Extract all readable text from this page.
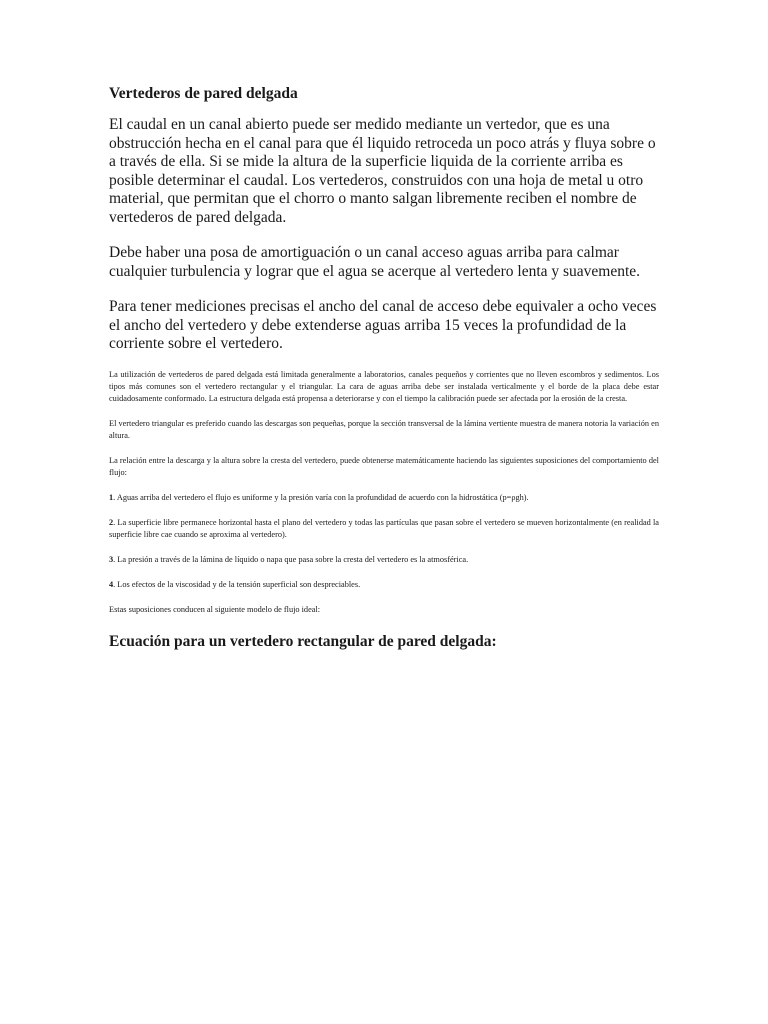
Vertederos de pared delgada

El caudal en un canal abierto puede ser medido mediante un vertedor, que es una obstrucción hecha en el canal para que él liquido retroceda un poco atrás y fluya sobre o a través de ella. Si se mide la altura de la superficie liquida de la corriente arriba es posible determinar el caudal. Los vertederos, construidos con una hoja de metal u otro material, que permitan que el chorro o manto salgan libremente reciben el nombre de vertederos de pared delgada.

Debe haber una posa de amortiguación o un canal acceso aguas arriba para calmar cualquier turbulencia y lograr que el agua se acerque al vertedero lenta y suavemente.

Para tener mediciones precisas el ancho del canal de acceso debe equivaler a ocho veces el ancho del vertedero y debe extenderse aguas arriba 15 veces la profundidad de la corriente sobre el vertedero.

La utilización de vertederos de pared delgada está limitada generalmente a laboratorios, canales pequeños y corrientes que no lleven escombros y sedimentos. Los tipos más comunes son el vertedero rectangular y el triangular. La cara de aguas arriba debe ser instalada verticalmente y el borde de la placa debe estar cuidadosamente conformado. La estructura delgada está propensa a deteriorarse y con el tiempo la calibración puede ser afectada por la erosión de la cresta.

El vertedero triangular es preferido cuando las descargas son pequeñas, porque la sección transversal de la lámina vertiente muestra de manera notoria la variación en altura.

La relación entre la descarga y la altura sobre la cresta del vertedero, puede obtenerse matemáticamente haciendo las siguientes suposiciones del comportamiento del flujo:

1. Aguas arriba del vertedero el flujo es uniforme y la presión varía con la profundidad de acuerdo con la hidrostática (p=ρgh).

2. La superficie libre permanece horizontal hasta el plano del vertedero y todas las partículas que pasan sobre el vertedero se mueven horizontalmente (en realidad la superficie libre cae cuando se aproxima al vertedero).

3. La presión a través de la lámina de líquido o napa que pasa sobre la cresta del vertedero es la atmosférica.

4. Los efectos de la viscosidad y de la tensión superficial son despreciables.

Estas suposiciones conducen al siguiente modelo de flujo ideal:

Ecuación para un vertedero rectangular de pared delgada:
